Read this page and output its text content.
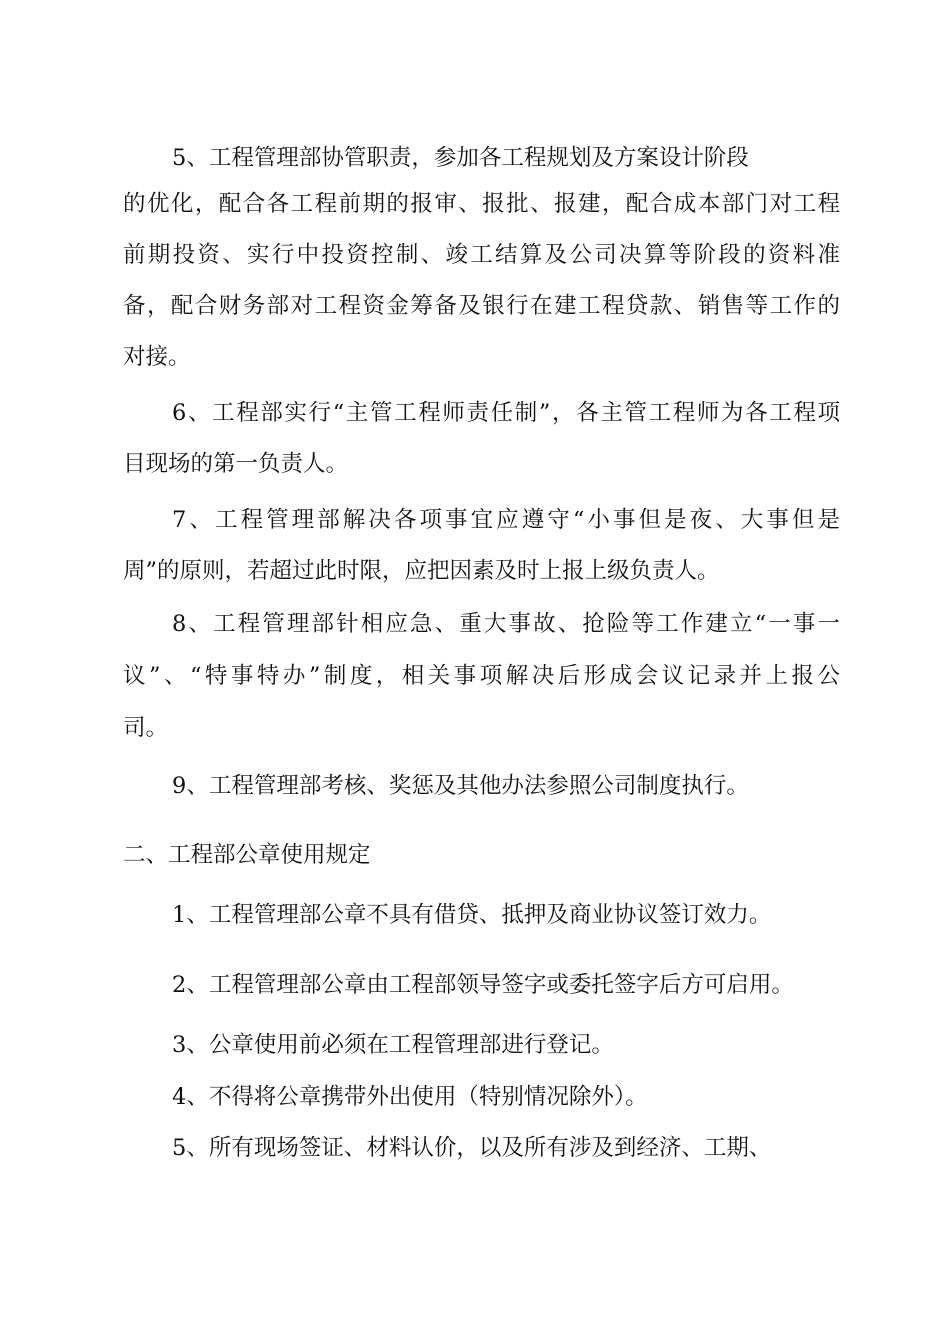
5、工程管理部协管职责，参加各工程规划及方案设计阶段
的优化，配合各工程前期的报审、报批、报建，配合成本部门对工程
前期投资、实行中投资控制、竣工结算及公司决算等阶段的资料准
备，配合财务部对工程资金筹备及银行在建工程贷款、销售等工作的
对接。
6、工程部实行“主管工程师责任制”，各主管工程师为各工程项
目现场的第一负责人。
7、工程管理部解决各项事宜应遵守“小事但是夜、大事但是
周”的原则，若超过此时限，应把因素及时上报上级负责人。
8、工程管理部针相应急、重大事故、抢险等工作建立“一事一
议”、“特事特办”制度，相关事项解决后形成会议记录并上报公
司。
9、工程管理部考核、奖惩及其他办法参照公司制度执行。
二、工程部公章使用规定
1、工程管理部公章不具有借贷、抵押及商业协议签订效力。
2、工程管理部公章由工程部领导签字或委托签字后方可启用。
3、公章使用前必须在工程管理部进行登记。
4、不得将公章携带外出使用（特别情况除外）。
5、所有现场签证、材料认价，以及所有涉及到经济、工期、
